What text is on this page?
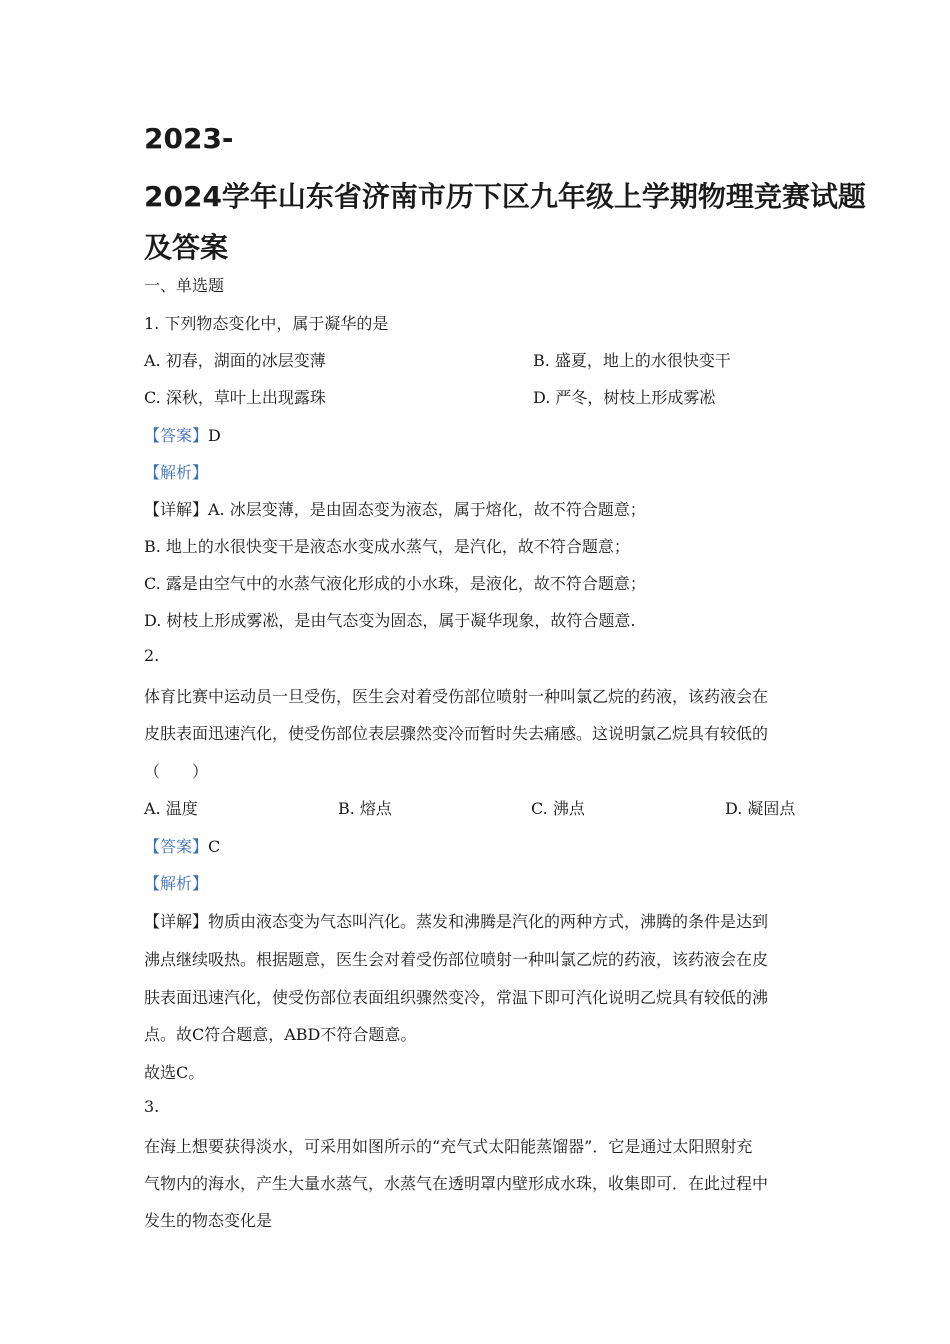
2023-
2024学年山东省济南市历下区九年级上学期物理竞赛试题
及答案
一、单选题
1. 下列物态变化中，属于凝华的是
A. 初春，湖面的冰层变薄	B. 盛夏，地上的水很快变干
C. 深秋，草叶上出现露珠	D. 严冬，树枝上形成雾凇
【答案】D
【解析】
【详解】A. 冰层变薄，是由固态变为液态，属于熔化，故不符合题意；
B. 地上的水很快变干是液态水变成水蒸气，是汽化，故不符合题意；
C. 露是由空气中的水蒸气液化形成的小水珠，是液化，故不符合题意；
D. 树枝上形成雾凇，是由气态变为固态，属于凝华现象，故符合题意.
2.
体育比赛中运动员一旦受伤，医生会对着受伤部位喷射一种叫氯乙烷的药液，该药液会在
皮肤表面迅速汽化，使受伤部位表层骤然变冷而暂时失去痛感。这说明氯乙烷具有较低的
（　　）
A. 温度	B. 熔点	C. 沸点	D. 凝固点
【答案】C
【解析】
【详解】物质由液态变为气态叫汽化。蒸发和沸腾是汽化的两种方式，沸腾的条件是达到
沸点继续吸热。根据题意，医生会对着受伤部位喷射一种叫氯乙烷的药液，该药液会在皮
肤表面迅速汽化，使受伤部位表面组织骤然变冷，常温下即可汽化说明乙烷具有较低的沸
点。故C符合题意，ABD不符合题意。
故选C。
3.
在海上想要获得淡水，可采用如图所示的“充气式太阳能蒸馏器”．它是通过太阳照射充
气物内的海水，产生大量水蒸气，水蒸气在透明罩内壁形成水珠，收集即可．在此过程中
发生的物态变化是
